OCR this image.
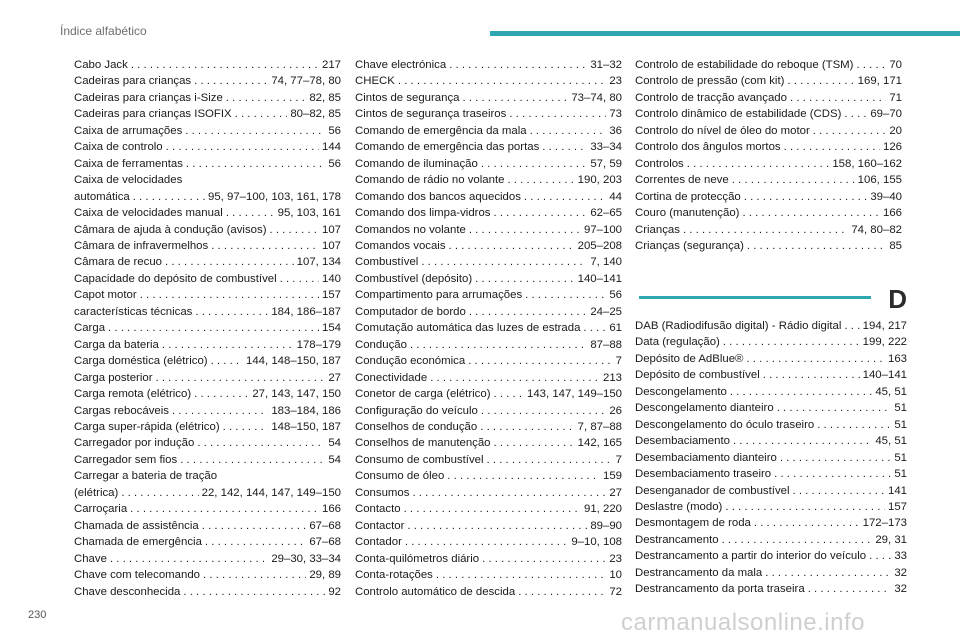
Índice alfabético
Cabo Jack . . .	217
Cadeiras para crianças . . .	74, 77–78, 80
Cadeiras para crianças i-Size . . .	82, 85
Cadeiras para crianças ISOFIX . . .	80–82, 85
Caixa de arrumações . . .	56
Caixa de controlo . . .	144
Caixa de ferramentas . . .	56
Caixa de velocidades
automática . . .	95, 97–100, 103, 161, 178
Caixa de velocidades manual . . .	95, 103, 161
Câmara de ajuda à condução (avisos) . . .	107
Câmara de infravermelhos . . .	107
Câmara de recuo . . .	107, 134
Capacidade do depósito de combustível . . .	140
Capot motor . . .	157
características técnicas . . .	184, 186–187
Carga . . .	154
Carga da bateria . . .	178–179
Carga doméstica (elétrico) . . .	144, 148–150, 187
Carga posterior . . .	27
Carga remota (elétrico) . . .	27, 143, 147, 150
Cargas rebocáveis . . .	183–184, 186
Carga super-rápida (elétrico) . . .	148–150, 187
Carregador por indução . . .	54
Carregador sem fios . . .	54
Carregar a bateria de tração
(elétrica) . . .	22, 142, 144, 147, 149–150
Carroçaria . . .	166
Chamada de assistência . . .	67–68
Chamada de emergência . . .	67–68
Chave . . .	29–30, 33–34
Chave com telecomando . . .	29, 89
Chave desconhecida . . .	92
Chave electrónica . . .	31–32
CHECK . . .	23
Cintos de segurança . . .	73–74, 80
Cintos de segurança traseiros . . .	73
Comando de emergência da mala . . .	36
Comando de emergência das portas . . .	33–34
Comando de iluminação . . .	57, 59
Comando de rádio no volante . . .	190, 203
Comando dos bancos aquecidos . . .	44
Comando dos limpa-vidros . . .	62–65
Comandos no volante . . .	97–100
Comandos vocais . . .	205–208
Combustível . . .	7, 140
Combustível (depósito) . . .	140–141
Compartimento para arrumações . . .	56
Computador de bordo . . .	24–25
Comutação automática das luzes de estrada . . .	61
Condução . . .	87–88
Condução económica . . .	7
Conectividade . . .	213
Conetor de carga (elétrico) . . .	143, 147, 149–150
Configuração do veículo . . .	26
Conselhos de condução . . .	7, 87–88
Conselhos de manutenção . . .	142, 165
Consumo de combustível . . .	7
Consumo de óleo . . .	159
Consumos . . .	27
Contacto . . .	91, 220
Contactor . . .	89–90
Contador . . .	9–10, 108
Conta-quilómetros diário . . .	23
Conta-rotações . . .	10
Controlo automático de descida . . .	72
Controlo de estabilidade do reboque (TSM) . . .	70
Controlo de pressão (com kit) . . .	169, 171
Controlo de tracção avançado . . .	71
Controlo dinâmico de estabilidade (CDS) . . .	69–70
Controlo do nível de óleo do motor . . .	20
Controlo dos ângulos mortos . . .	126
Controlos . . .	158, 160–162
Correntes de neve . . .	106, 155
Cortina de protecção . . .	39–40
Couro (manutenção) . . .	166
Crianças . . .	74, 80–82
Crianças (segurança) . . .	85
D
DAB (Radiodifusão digital) - Rádio digital . . . 194, 217
Data (regulação) . . .	199, 222
Depósito de AdBlue® . . .	163
Depósito de combustível . . .	140–141
Descongelamento . . .	45, 51
Descongelamento dianteiro . . .	51
Descongelamento do óculo traseiro . . .	51
Desembaciamento . . .	45, 51
Desembaciamento dianteiro . . .	51
Desembaciamento traseiro . . .	51
Desenganador de combustível . . .	141
Deslastre (modo) . . .	157
Desmontagem de roda . . .	172–173
Destrancamento . . .	29, 31
Destrancamento a partir do interior do veículo . . . 33
Destrancamento da mala . . .	32
Destrancamento da porta traseira . . .	32
230	carmanualsonline.info
